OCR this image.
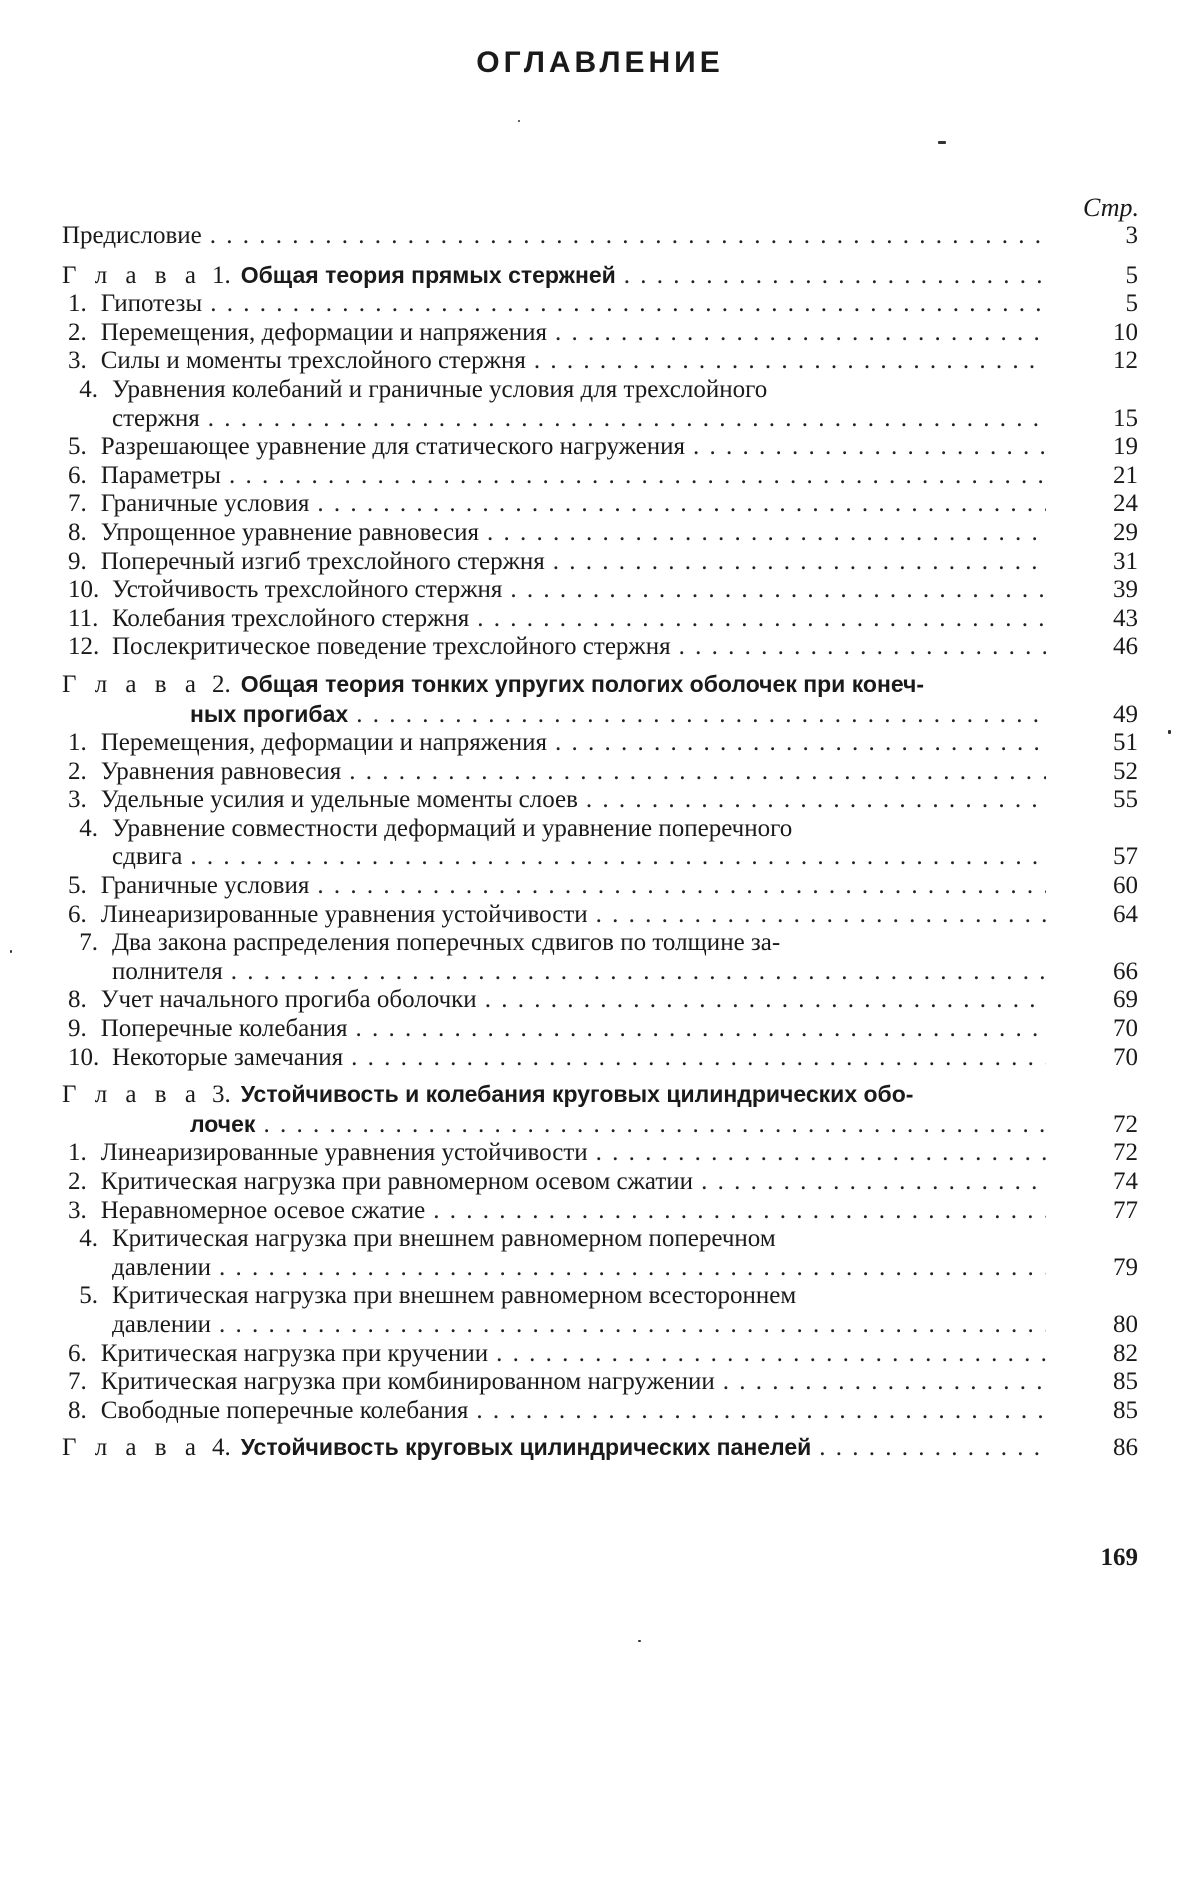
ОГЛАВЛЕНИЕ
Стр.
Предисловие . . .	3
Г л а в а 1. Общая теория прямых стержней . . .	5
1. Гипотезы . . .	5
2. Перемещения, деформации и напряжения . . .	10
3. Силы и моменты трехслойного стержня . . .	12
4. Уравнения колебаний и граничные условия для трехслойного
стержня . . .	15
5. Разрешающее уравнение для статического нагружения . . .	19
6. Параметры . . .	21
7. Граничные условия . . .	24
8. Упрощенное уравнение равновесия . . .	29
9. Поперечный изгиб трехслойного стержня . . .	31
10. Устойчивость трехслойного стержня . . .	39
11. Колебания трехслойного стержня . . .	43
12. Послекритическое поведение трехслойного стержня . . .	46
Г л а в а 2. Общая теория тонких упругих пологих оболочек при конеч-
ных прогибах . . .	49
1. Перемещения, деформации и напряжения . . .	51
2. Уравнения равновесия . . .	52
3. Удельные усилия и удельные моменты слоев . . .	55
4. Уравнение совместности деформаций и уравнение поперечного
сдвига . . .	57
5. Граничные условия . . .	60
6. Линеаризированные уравнения устойчивости . . .	64
7. Два закона распределения поперечных сдвигов по толщине за-
полнителя . . .	66
8. Учет начального прогиба оболочки . . .	69
9. Поперечные колебания . . .	70
10. Некоторые замечания . . .	70
Г л а в а 3. Устойчивость и колебания круговых цилиндрических обо-
лочек . . .	72
1. Линеаризированные уравнения устойчивости . . .	72
2. Критическая нагрузка при равномерном осевом сжатии . . .	74
3. Неравномерное осевое сжатие . . .	77
4. Критическая нагрузка при внешнем равномерном поперечном
давлении . . .	79
5. Критическая нагрузка при внешнем равномерном всестороннем
давлении . . .	80
6. Критическая нагрузка при кручении . . .	82
7. Критическая нагрузка при комбинированном нагружении . . .	85
8. Свободные поперечные колебания . . .	85
Г л а в а 4. Устойчивость круговых цилиндрических панелей . . .	86
169
